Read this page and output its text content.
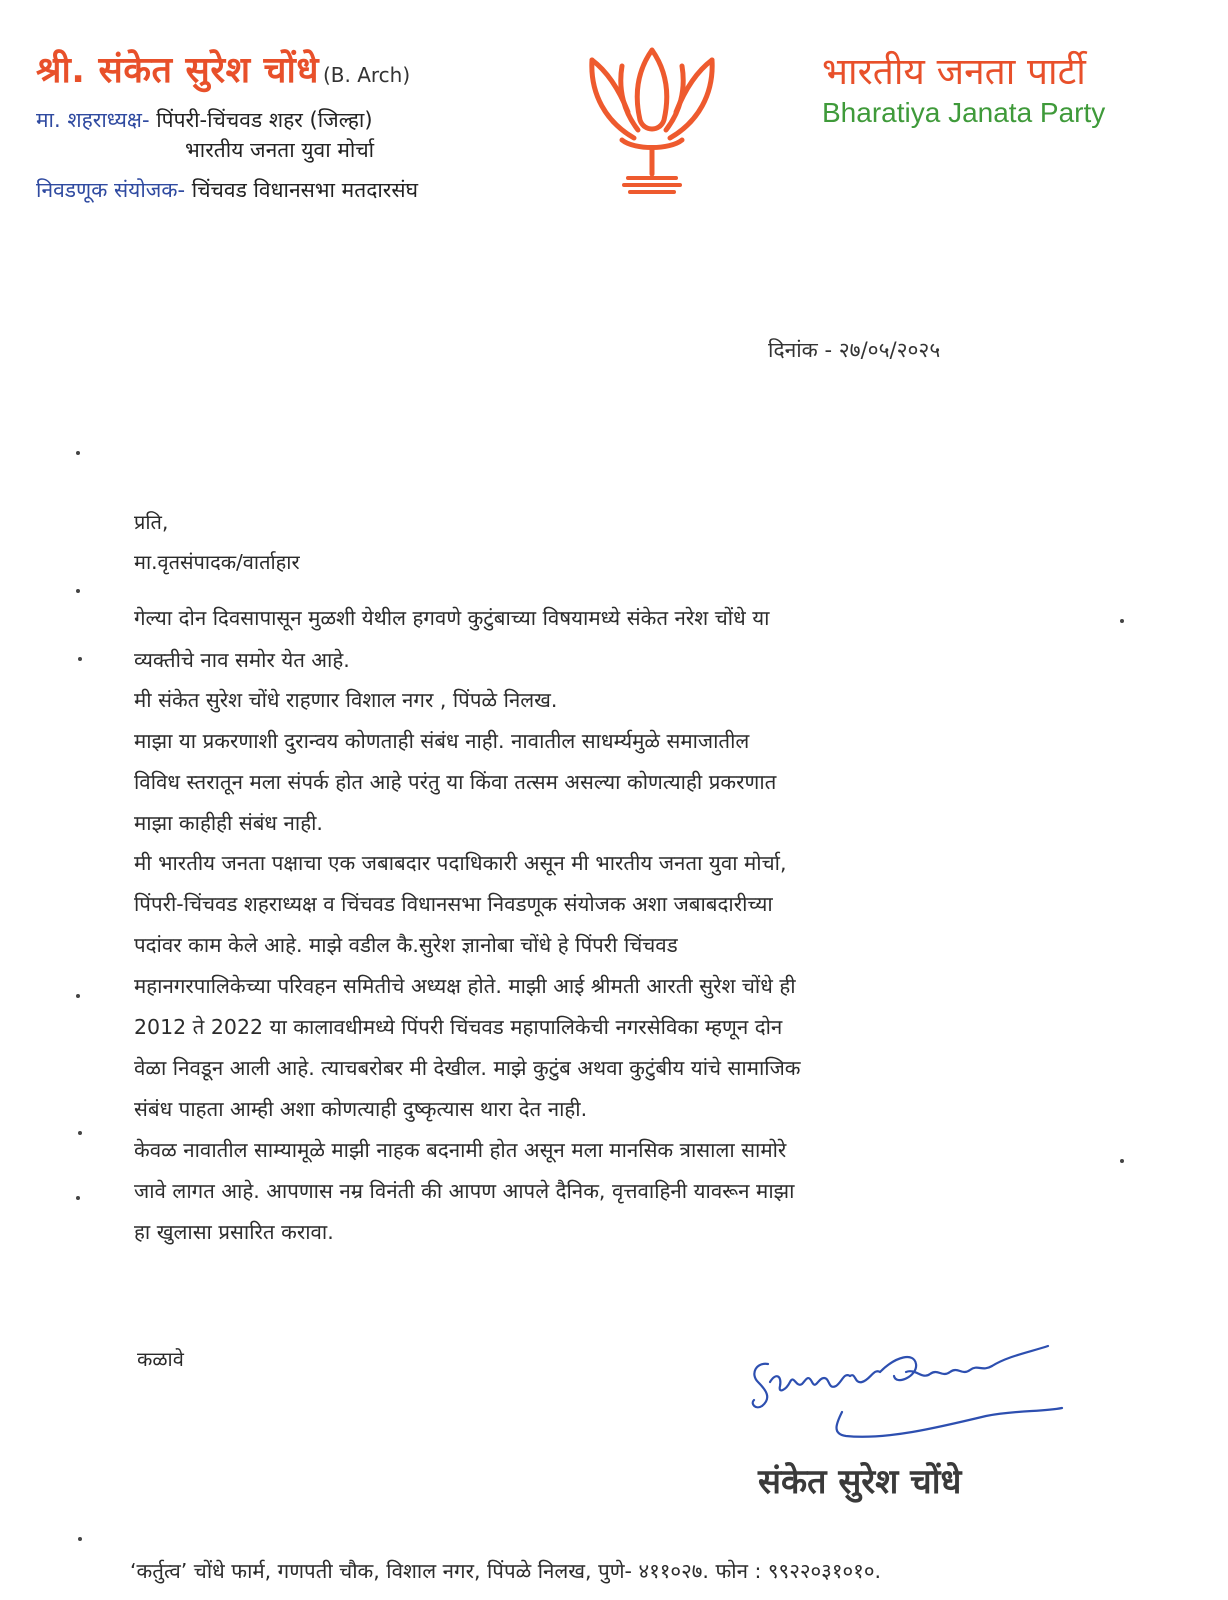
श्री. संकेत सुरेश चोंधे (B. Arch)
मा. शहराध्यक्ष- पिंपरी-चिंचवड शहर (जिल्हा)
भारतीय जनता युवा मोर्चा
निवडणूक संयोजक- चिंचवड विधानसभा मतदारसंघ
भारतीय जनता पार्टी
Bharatiya Janata Party
दिनांक - २७/०५/२०२५
प्रति,
मा.वृतसंपादक/वार्ताहार
गेल्या दोन दिवसापासून मुळशी येथील हगवणे कुटुंबाच्या विषयामध्ये संकेत नरेश चोंधे या
व्यक्तीचे नाव समोर येत आहे.
मी संकेत सुरेश चोंधे राहणार विशाल नगर , पिंपळे निलख.
माझा या प्रकरणाशी दुरान्वय कोणताही संबंध नाही. नावातील साधर्म्यमुळे समाजातील
विविध स्तरातून मला संपर्क होत आहे परंतु या किंवा तत्सम असल्या कोणत्याही प्रकरणात
माझा काहीही संबंध नाही.
मी भारतीय जनता पक्षाचा एक जबाबदार पदाधिकारी असून मी भारतीय जनता युवा मोर्चा,
पिंपरी-चिंचवड शहराध्यक्ष व चिंचवड विधानसभा निवडणूक संयोजक अशा जबाबदारीच्या
पदांवर काम केले आहे. माझे वडील कै.सुरेश ज्ञानोबा चोंधे हे पिंपरी चिंचवड
महानगरपालिकेच्या परिवहन समितीचे अध्यक्ष होते. माझी आई श्रीमती आरती सुरेश चोंधे ही
2012 ते 2022 या कालावधीमध्ये पिंपरी चिंचवड महापालिकेची नगरसेविका म्हणून दोन
वेळा निवडून आली आहे. त्याचबरोबर मी देखील. माझे कुटुंब अथवा कुटुंबीय यांचे सामाजिक
संबंध पाहता आम्ही अशा कोणत्याही दुष्कृत्यास थारा देत नाही.
केवळ नावातील साम्यामूळे माझी नाहक बदनामी होत असून मला मानसिक त्रासाला सामोरे
जावे लागत आहे. आपणास नम्र विनंती की आपण आपले दैनिक, वृत्तवाहिनी यावरून माझा
हा खुलासा प्रसारित करावा.
कळावे
संकेत सुरेश चोंधे
‘कर्तुत्व’ चोंधे फार्म, गणपती चौक, विशाल नगर, पिंपळे निलख, पुणे- ४११०२७. फोन : ९९२२०३१०१०.
